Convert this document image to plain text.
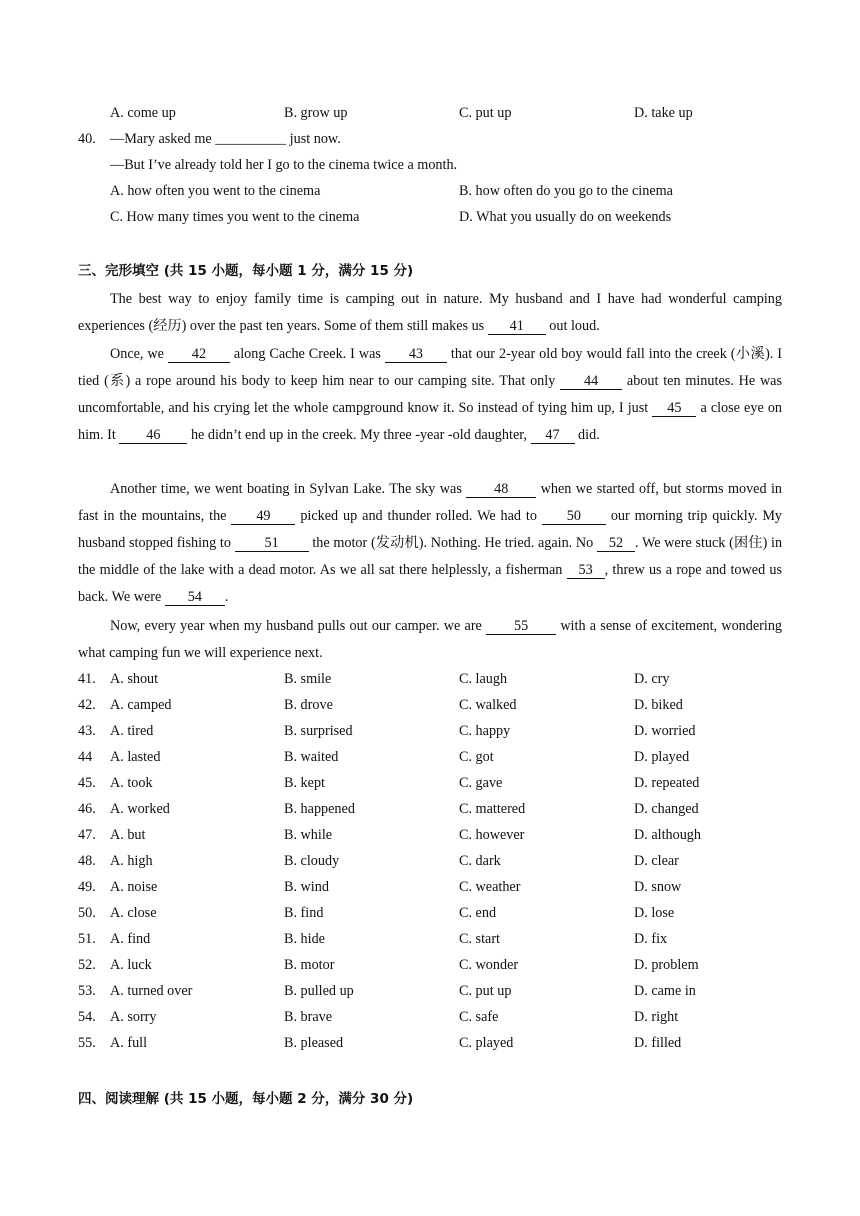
A. come up	B. grow up	C. put up	D. take up
40. —Mary asked me __________ just now.
—But I’ve already told her I go to the cinema twice a month.
A. how often you went to the cinema	B. how often do you go to the cinema
C. How many times you went to the cinema	D. What you usually do on weekends
三、完形填空 (共 15 小题，每小题 1 分，满分 15 分)
The best way to enjoy family time is camping out in nature. My husband and I have had wonderful camping experiences (经历) over the past ten years. Some of them still makes us 41 out loud.
Once, we 42 along Cache Creek. I was 43 that our 2-year old boy would fall into the creek (小溪). I tied (系) a rope around his body to keep him near to our camping site. That only 44 about ten minutes. He was uncomfortable, and his crying let the whole campground know it. So instead of tying him up, I just 45 a close eye on him. It 46 he didn’t end up in the creek. My three -year -old daughter, 47 did.
Another time, we went boating in Sylvan Lake. The sky was 48 when we started off, but storms moved in fast in the mountains, the 49 picked up and thunder rolled. We had to 50 our morning trip quickly. My husband stopped fishing to 51 the motor (发动机). Nothing. He tried. again. No 52 . We were stuck (困住) in the middle of the lake with a dead motor. As we all sat there helplessly, a fisherman 53 , threw us a rope and towed us back. We were 54 .
Now, every year when my husband pulls out our camper. we are 55 with a sense of excitement, wondering what camping fun we will experience next.
41. A. shout	B. smile	C. laugh	D. cry
42. A. camped	B. drove	C. walked	D. biked
43. A. tired	B. surprised	C. happy	D. worried
44 A. lasted	B. waited	C. got	D. played
45. A. took	B. kept	C. gave	D. repeated
46. A. worked	B. happened	C. mattered	D. changed
47. A. but	B. while	C. however	D. although
48. A. high	B. cloudy	C. dark	D. clear
49. A. noise	B. wind	C. weather	D. snow
50. A. close	B. find	C. end	D. lose
51. A. find	B. hide	C. start	D. fix
52. A. luck	B. motor	C. wonder	D. problem
53. A. turned over	B. pulled up	C. put up	D. came in
54. A. sorry	B. brave	C. safe	D. right
55. A. full	B. pleased	C. played	D. filled
四、阅读理解 (共 15 小题，每小题 2 分，满分 30 分)
